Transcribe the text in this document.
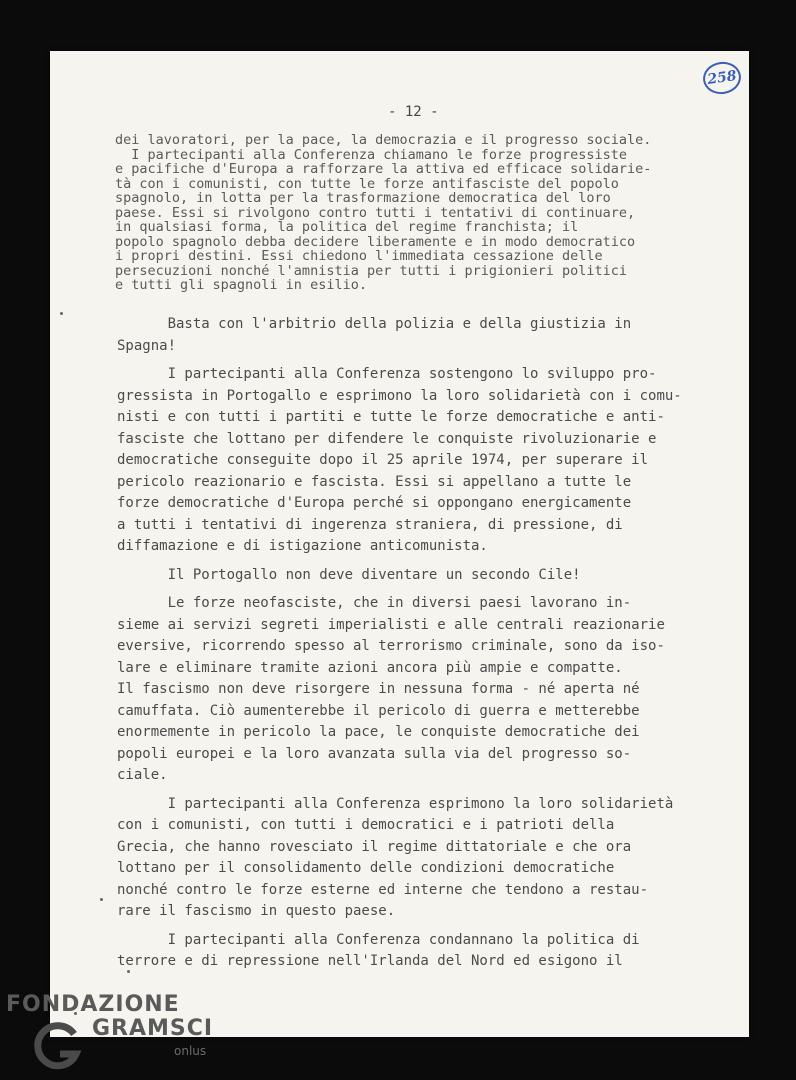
258
- 12 -
dei lavoratori, per la pace, la democrazia e il progresso sociale.
I partecipanti alla Conferenza chiamano le forze progressiste
e pacifiche d'Europa a rafforzare la attiva ed efficace solidarie-
tà con i comunisti, con tutte le forze antifasciste del popolo
spagnolo, in lotta per la trasformazione democratica del loro
paese. Essi si rivolgono contro tutti i tentativi di continuare,
in qualsiasi forma, la politica del regime franchista; il
popolo spagnolo debba decidere liberamente e in modo democratico
i propri destini. Essi chiedono l'immediata cessazione delle
persecuzioni nonché l'amnistia per tutti i prigionieri politici
e tutti gli spagnoli in esilio.
Basta con l'arbitrio della polizia e della giustizia in
Spagna!
I partecipanti alla Conferenza sostengono lo sviluppo pro-
gressista in Portogallo e esprimono la loro solidarietà con i comu-
nisti e con tutti i partiti e tutte le forze democratiche e anti-
fasciste che lottano per difendere le conquiste rivoluzionarie e
democratiche conseguite dopo il 25 aprile 1974, per superare il
pericolo reazionario e fascista. Essi si appellano a tutte le
forze democratiche d'Europa perché si oppongano energicamente
a tutti i tentativi di ingerenza straniera, di pressione, di
diffamazione e di istigazione anticomunista.
Il Portogallo non deve diventare un secondo Cile!
Le forze neofasciste, che in diversi paesi lavorano in-
sieme ai servizi segreti imperialisti e alle centrali reazionarie
eversive, ricorrendo spesso al terrorismo criminale, sono da iso-
lare e eliminare tramite azioni ancora più ampie e compatte.
Il fascismo non deve risorgere in nessuna forma - né aperta né
camuffata. Ciò aumenterebbe il pericolo di guerra e metterebbe
enormemente in pericolo la pace, le conquiste democratiche dei
popoli europei e la loro avanzata sulla via del progresso so-
ciale.
I partecipanti alla Conferenza esprimono la loro solidarietà
con i comunisti, con tutti i democratici e i patrioti della
Grecia, che hanno rovesciato il regime dittatoriale e che ora
lottano per il consolidamento delle condizioni democratiche
nonché contro le forze esterne ed interne che tendono a restau-
rare il fascismo in questo paese.
I partecipanti alla Conferenza condannano la politica di
terrore e di repressione nell'Irlanda del Nord ed esigono il
FONDAZIONE
GRAMSCI
onlus
